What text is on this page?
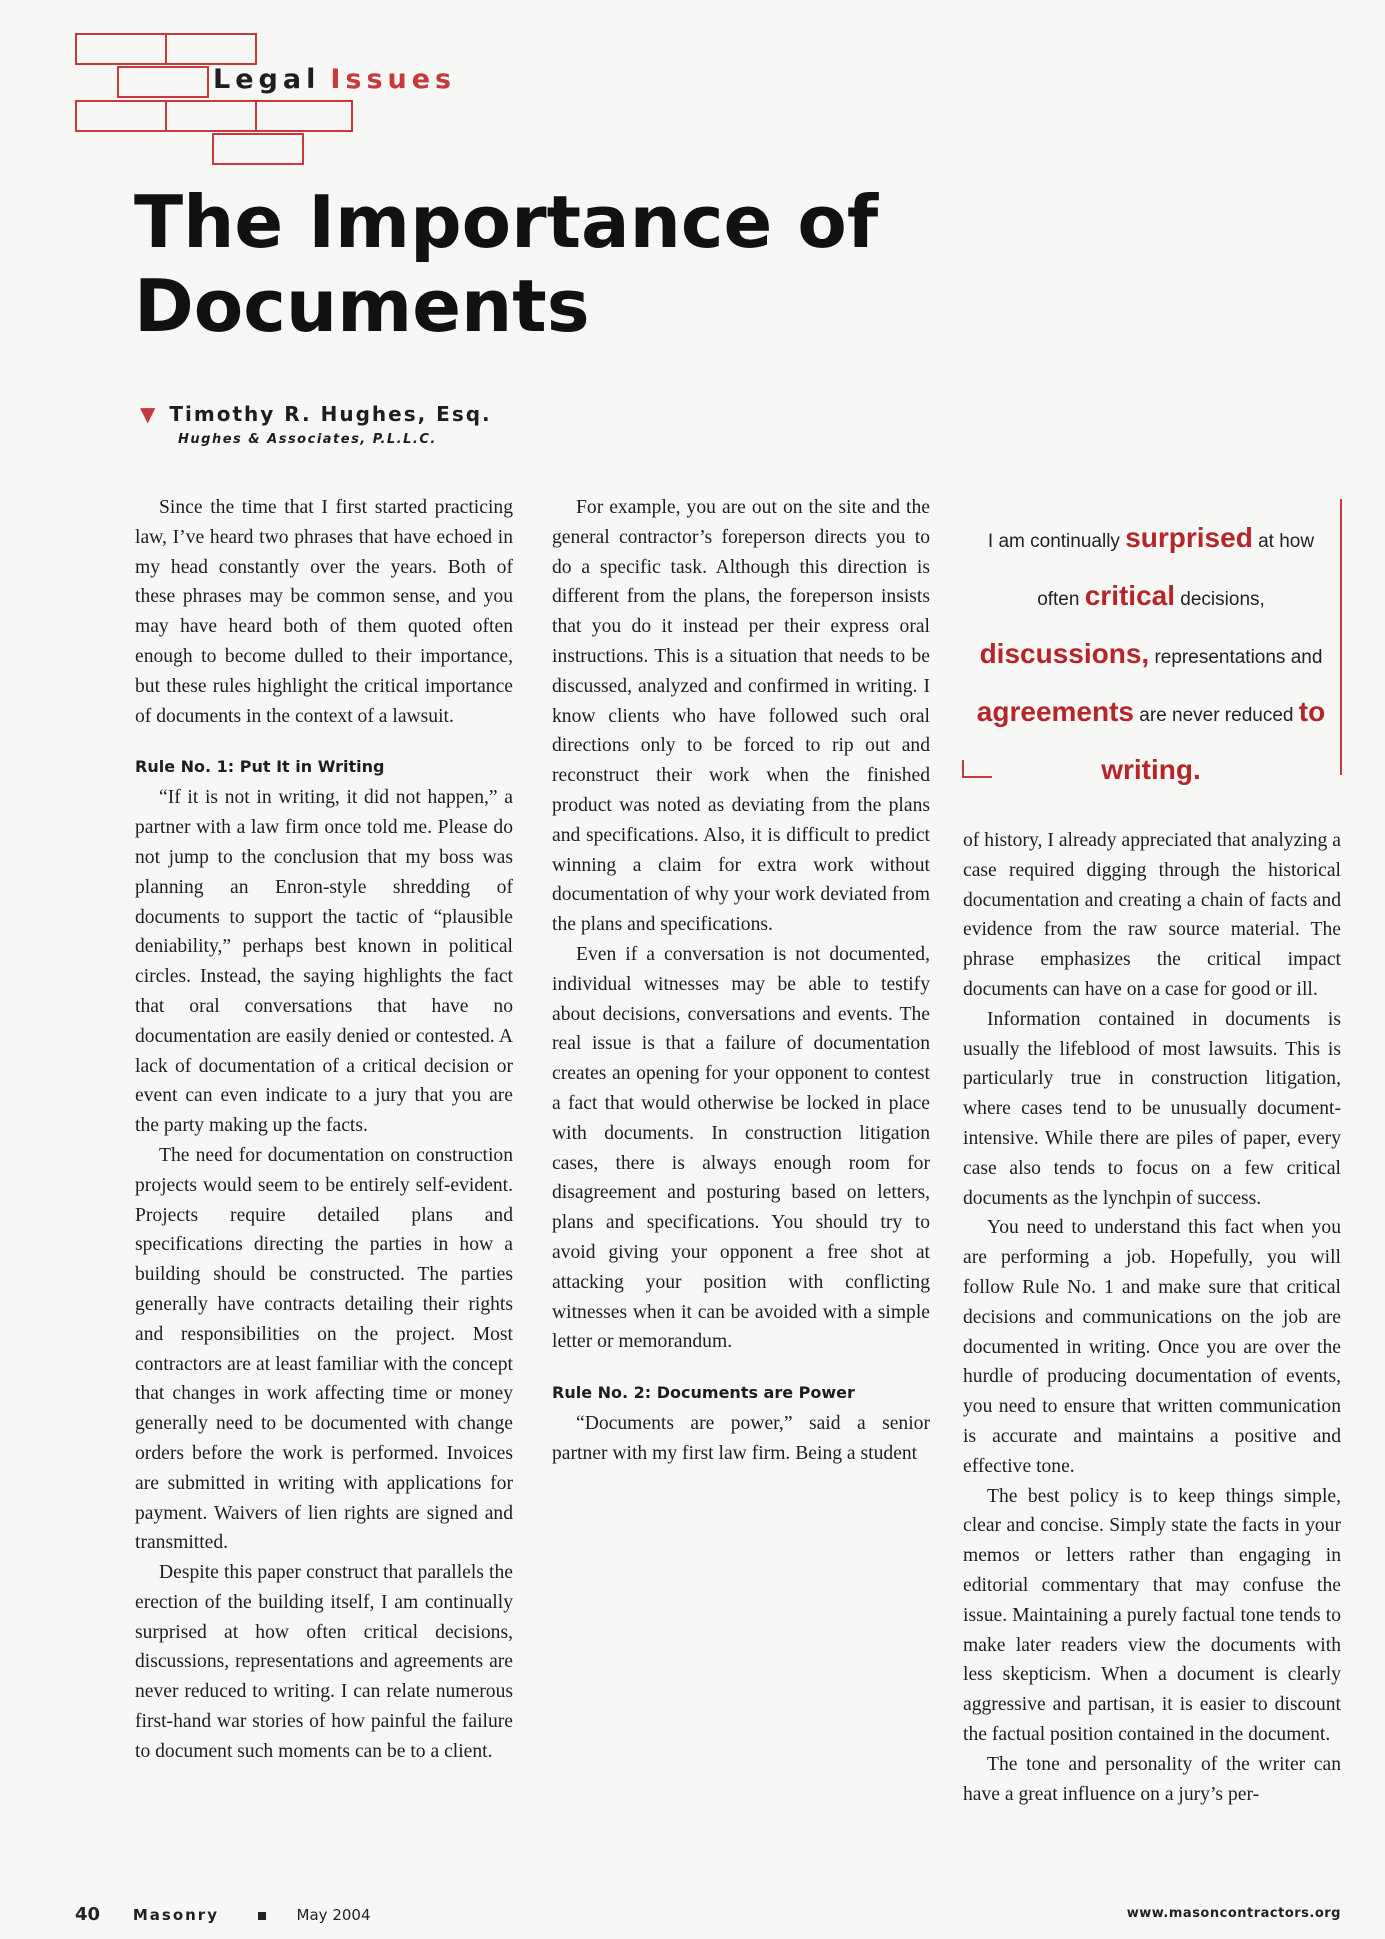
Legal Issues
The Importance of Documents
▼ Timothy R. Hughes, Esq.
Hughes & Associates, P.L.L.C.

Since the time that I first started practicing law, I’ve heard two phrases that have echoed in my head constantly over the years. Both of these phrases may be common sense, and you may have heard both of them quoted often enough to become dulled to their importance, but these rules highlight the critical importance of documents in the context of a lawsuit.

Rule No. 1: Put It in Writing

“If it is not in writing, it did not happen,” a partner with a law firm once told me. Please do not jump to the conclusion that my boss was planning an Enron-style shredding of documents to support the tactic of “plausible deniability,” perhaps best known in political circles. Instead, the saying highlights the fact that oral conversations that have no documentation are easily denied or contested. A lack of documentation of a critical decision or event can even indicate to a jury that you are the party making up the facts.

The need for documentation on construction projects would seem to be entirely self-evident. Projects require detailed plans and specifications directing the parties in how a building should be constructed. The parties generally have contracts detailing their rights and responsibilities on the project. Most contractors are at least familiar with the concept that changes in work affecting time or money generally need to be documented with change orders before the work is performed. Invoices are submitted in writing with applications for payment. Waivers of lien rights are signed and transmitted.

Despite this paper construct that parallels the erection of the building itself, I am continually surprised at how often critical decisions, discussions, representations and agreements are never reduced to writing. I can relate numerous first-hand war stories of how painful the failure to document such moments can be to a client.

For example, you are out on the site and the general contractor’s foreperson directs you to do a specific task. Although this direction is different from the plans, the foreperson insists that you do it instead per their express oral instructions. This is a situation that needs to be discussed, analyzed and confirmed in writing. I know clients who have followed such oral directions only to be forced to rip out and reconstruct their work when the finished product was noted as deviating from the plans and specifications. Also, it is difficult to predict winning a claim for extra work without documentation of why your work deviated from the plans and specifications.

Even if a conversation is not documented, individual witnesses may be able to testify about decisions, conversations and events. The real issue is that a failure of documentation creates an opening for your opponent to contest a fact that would otherwise be locked in place with documents. In construction litigation cases, there is always enough room for disagreement and posturing based on letters, plans and specifications. You should try to avoid giving your opponent a free shot at attacking your position with conflicting witnesses when it can be avoided with a simple letter or memorandum.

Rule No. 2: Documents are Power

“Documents are power,” said a senior partner with my first law firm. Being a student

I am continually surprised at how often critical decisions, discussions, representations and agreements are never reduced to writing.

of history, I already appreciated that analyzing a case required digging through the historical documentation and creating a chain of facts and evidence from the raw source material. The phrase emphasizes the critical impact documents can have on a case for good or ill.

Information contained in documents is usually the lifeblood of most lawsuits. This is particularly true in construction litigation, where cases tend to be unusually document-intensive. While there are piles of paper, every case also tends to focus on a few critical documents as the lynchpin of success.

You need to understand this fact when you are performing a job. Hopefully, you will follow Rule No. 1 and make sure that critical decisions and communications on the job are documented in writing. Once you are over the hurdle of producing documentation of events, you need to ensure that written communication is accurate and maintains a positive and effective tone.

The best policy is to keep things simple, clear and concise. Simply state the facts in your memos or letters rather than engaging in editorial commentary that may confuse the issue. Maintaining a purely factual tone tends to make later readers view the documents with less skepticism. When a document is clearly aggressive and partisan, it is easier to discount the factual position contained in the document.

The tone and personality of the writer can have a great influence on a jury’s per-

40 Masonry	May 2004	www.masoncontractors.org
